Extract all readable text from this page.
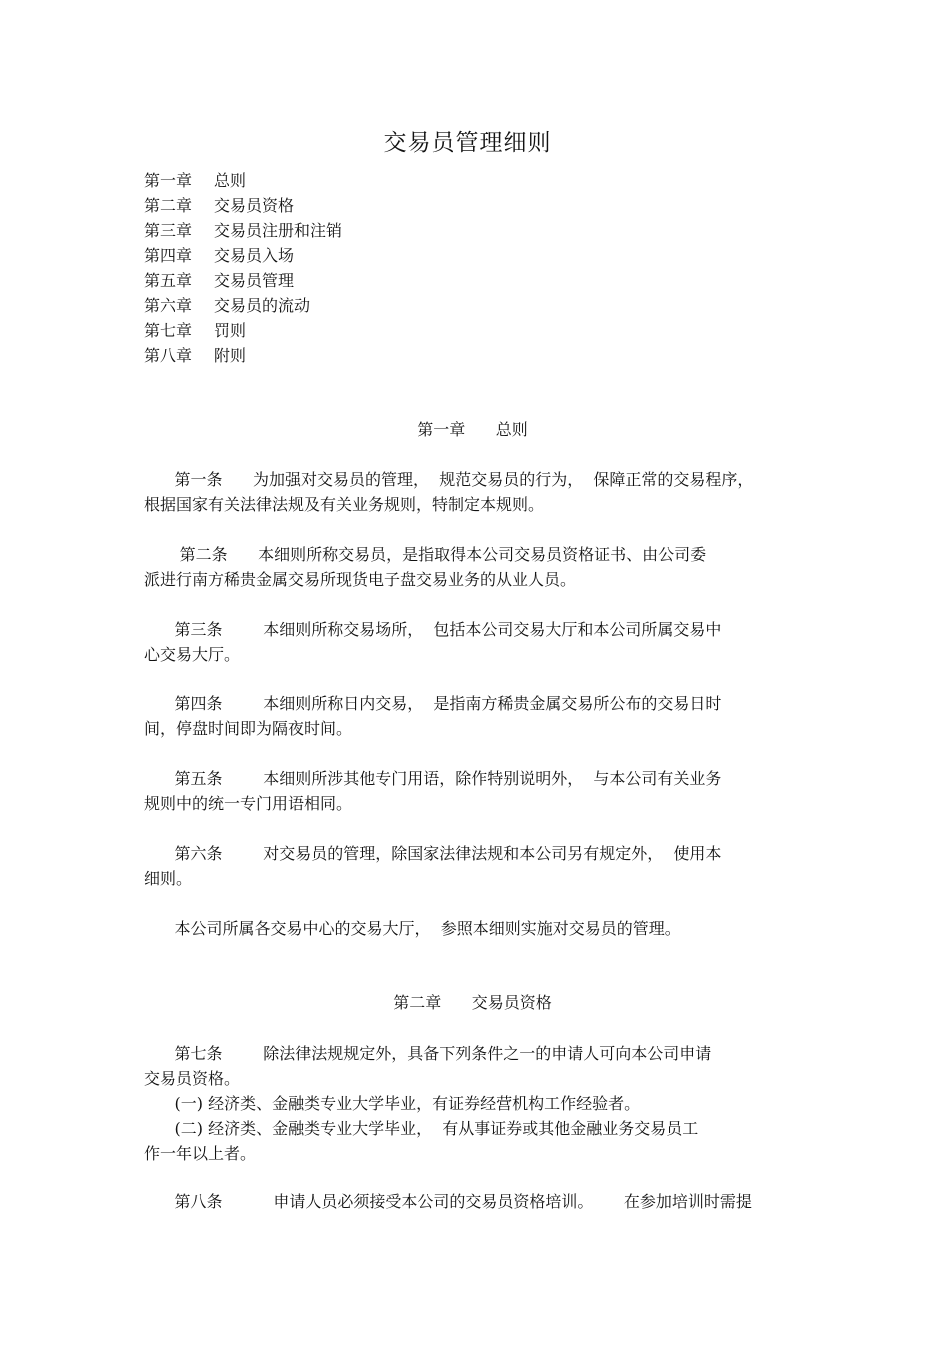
交易员管理细则
第一章 总则
第二章 交易员资格
第三章 交易员注册和注销
第四章 交易员入场
第五章 交易员管理
第六章 交易员的流动
第七章 罚则
第八章 附则
第一章      总则
第一条      为加强对交易员的管理，  规范交易员的行为，  保障正常的交易程序，
根据国家有关法律法规及有关业务规则，特制定本规则。
第二条      本细则所称交易员，是指取得本公司交易员资格证书、由公司委
派进行南方稀贵金属交易所现货电子盘交易业务的从业人员。
第三条        本细则所称交易场所，  包括本公司交易大厅和本公司所属交易中
心交易大厅。
第四条        本细则所称日内交易，  是指南方稀贵金属交易所公布的交易日时
间，停盘时间即为隔夜时间。
第五条        本细则所涉其他专门用语，除作特别说明外，  与本公司有关业务
规则中的统一专门用语相同。
第六条        对交易员的管理，除国家法律法规和本公司另有规定外，  使用本
细则。
本公司所属各交易中心的交易大厅，  参照本细则实施对交易员的管理。
第二章      交易员资格
第七条        除法律法规规定外，具备下列条件之一的申请人可向本公司申请
交易员资格。
(一) 经济类、金融类专业大学毕业，有证券经营机构工作经验者。
(二) 经济类、金融类专业大学毕业，  有从事证券或其他金融业务交易员工
作一年以上者。
第八条          申请人员必须接受本公司的交易员资格培训。      在参加培训时需提
